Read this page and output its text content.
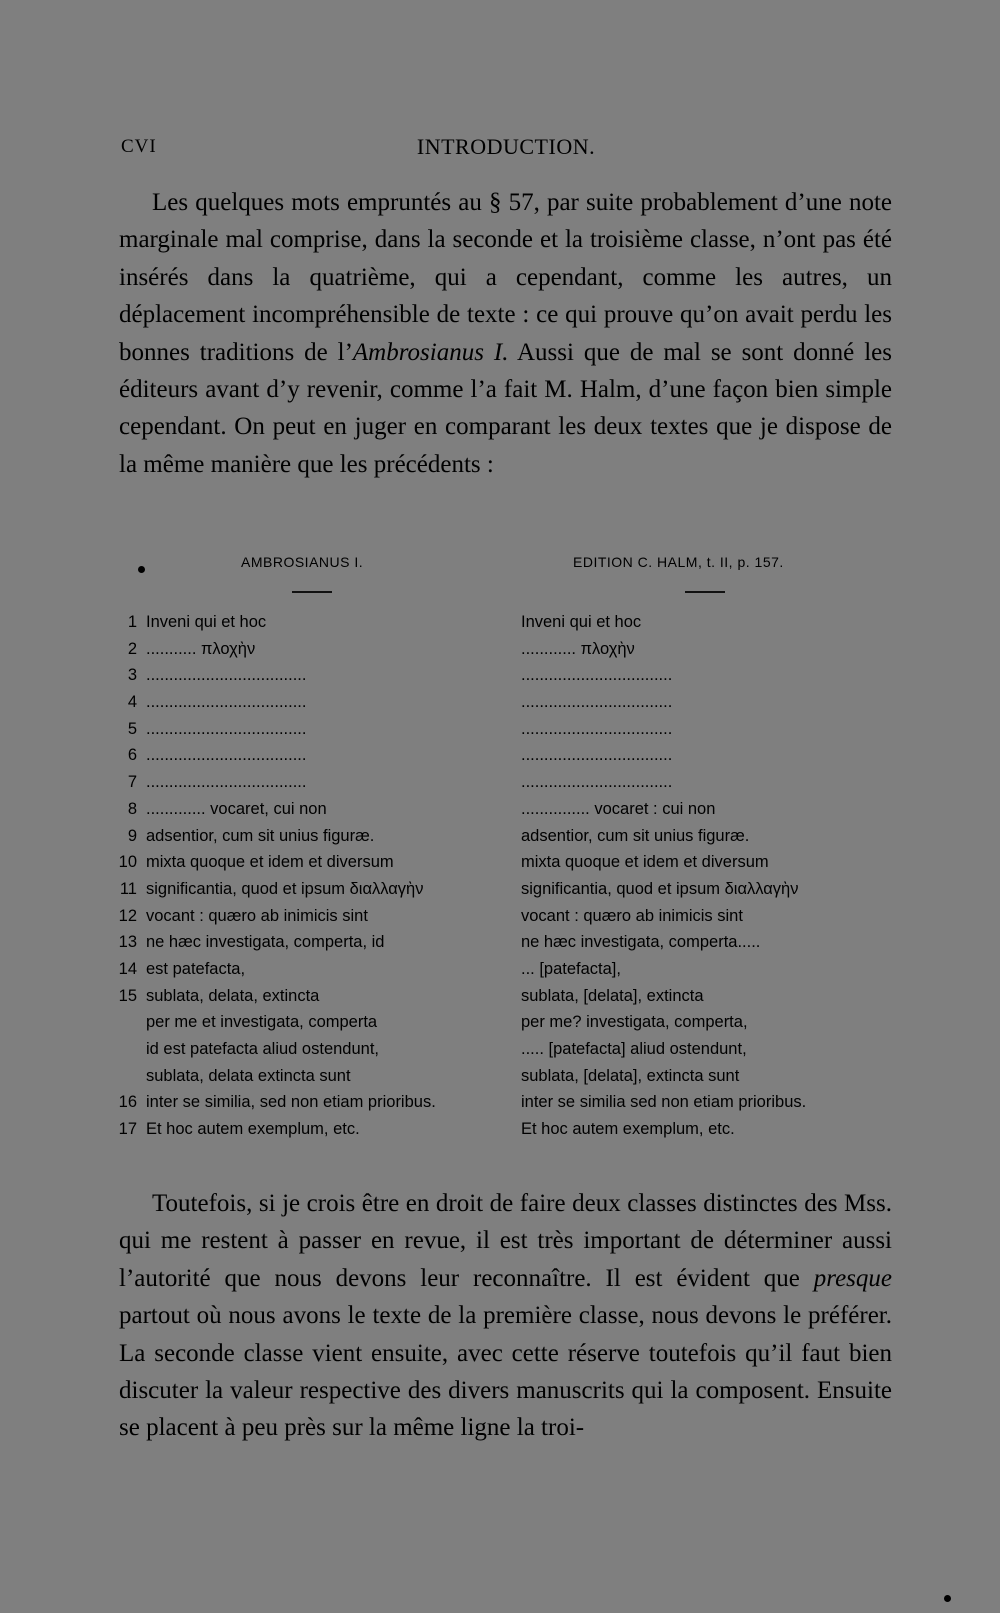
CVI	INTRODUCTION.

Les quelques mots empruntés au § 57, par suite probablement d’une note marginale mal comprise, dans la seconde et la troisième classe, n’ont pas été insérés dans la quatrième, qui a cependant, comme les autres, un déplacement incompréhensible de texte : ce qui prouve qu’on avait perdu les bonnes traditions de l’Ambrosianus I. Aussi que de mal se sont donné les éditeurs avant d’y revenir, comme l’a fait M. Halm, d’une façon bien simple cependant. On peut en juger en comparant les deux textes que je dispose de la même manière que les précédents :

AMBROSIANUS I.	EDITION C. HALM, t. II, p. 157.
1 Inveni qui et hoc	Inveni qui et hoc
2 ........... πλοχὴν	............ πλοχὴν
3 ...................................	.................................
4 ...................................	.................................
5 ...................................	.................................
6 ...................................	.................................
7 ...................................	.................................
8 ............. vocaret, cui non	............... vocaret : cui non
9 adsentior, cum sit unius figuræ.	adsentior, cum sit unius figuræ.
10 mixta quoque et idem et diversum	mixta quoque et idem et diversum
11 significantia, quod et ipsum διαλλαγὴν	significantia, quod et ipsum διαλλαγὴν
12 vocant : quæro ab inimicis sint	vocant : quæro ab inimicis sint
13 ne hæc investigata, comperta, id	ne hæc investigata, comperta.....
14 est patefacta,	... [patefacta],
15 sublata, delata, extincta	sublata, [delata], extincta
per me et investigata, comperta	per me? investigata, comperta,
id est patefacta aliud ostendunt,	..... [patefacta] aliud ostendunt,
sublata, delata extincta sunt	sublata, [delata], extincta sunt
16 inter se similia, sed non etiam prioribus.	inter se similia sed non etiam prioribus.
17 Et hoc autem exemplum, etc.	Et hoc autem exemplum, etc.

Toutefois, si je crois être en droit de faire deux classes distinctes des Mss. qui me restent à passer en revue, il est très important de déterminer aussi l’autorité que nous devons leur reconnaître. Il est évident que presque partout où nous avons le texte de la première classe, nous devons le préférer. La seconde classe vient ensuite, avec cette réserve toutefois qu’il faut bien discuter la valeur respective des divers manuscrits qui la composent. Ensuite se placent à peu près sur la même ligne la troi-
